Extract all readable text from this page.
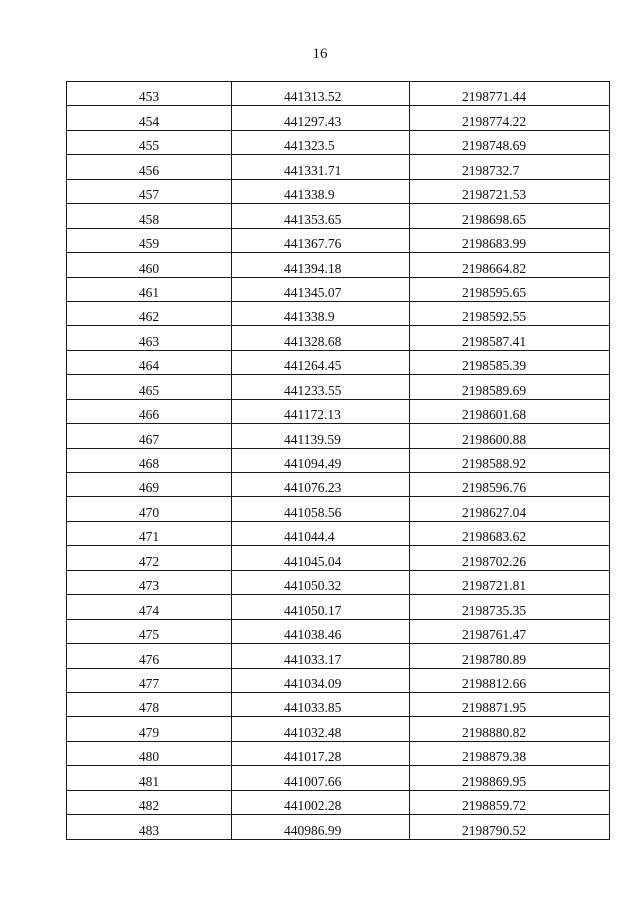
16
453	441313.52	2198771.44
454	441297.43	2198774.22
455	441323.5	2198748.69
456	441331.71	2198732.7
457	441338.9	2198721.53
458	441353.65	2198698.65
459	441367.76	2198683.99
460	441394.18	2198664.82
461	441345.07	2198595.65
462	441338.9	2198592.55
463	441328.68	2198587.41
464	441264.45	2198585.39
465	441233.55	2198589.69
466	441172.13	2198601.68
467	441139.59	2198600.88
468	441094.49	2198588.92
469	441076.23	2198596.76
470	441058.56	2198627.04
471	441044.4	2198683.62
472	441045.04	2198702.26
473	441050.32	2198721.81
474	441050.17	2198735.35
475	441038.46	2198761.47
476	441033.17	2198780.89
477	441034.09	2198812.66
478	441033.85	2198871.95
479	441032.48	2198880.82
480	441017.28	2198879.38
481	441007.66	2198869.95
482	441002.28	2198859.72
483	440986.99	2198790.52
